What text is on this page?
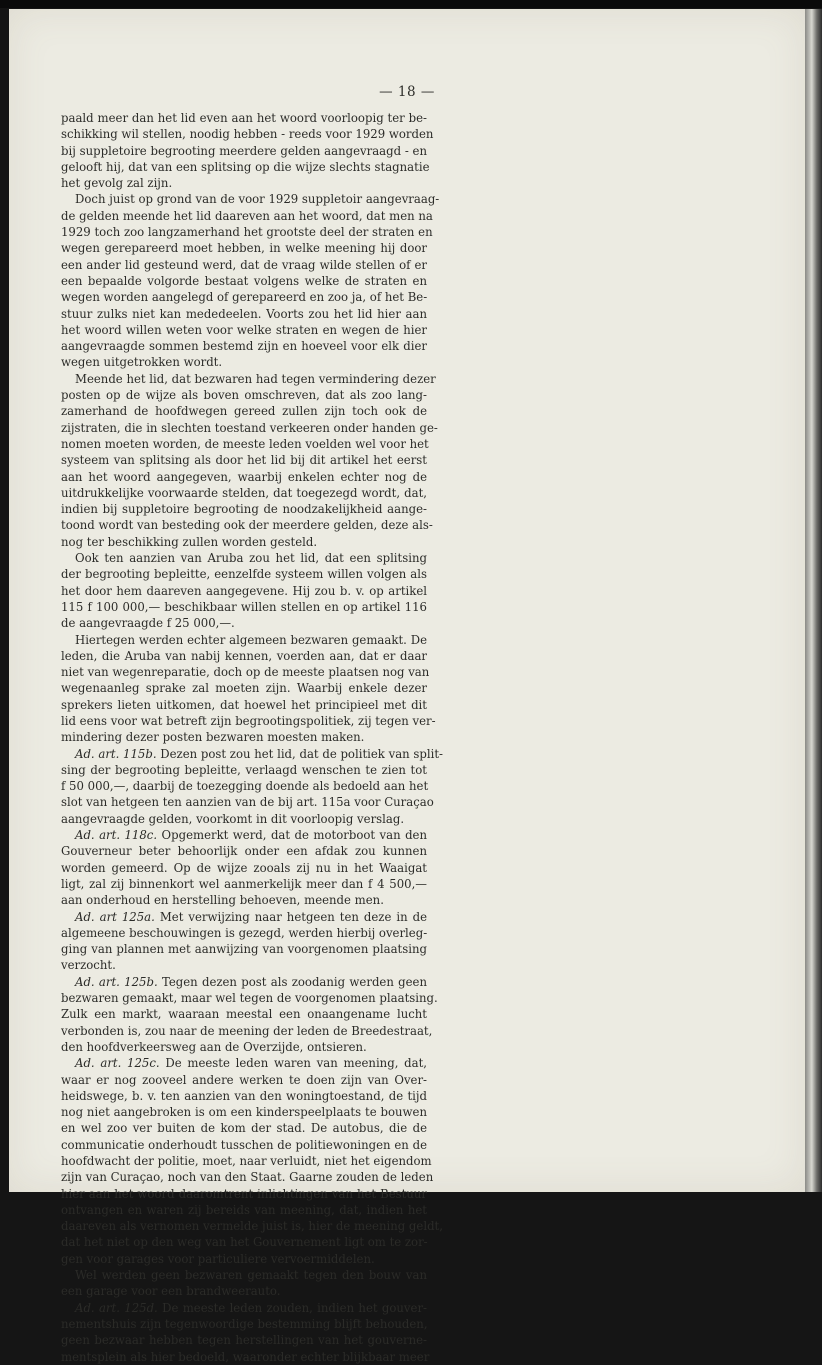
— 18 —
paald meer dan het lid even aan het woord voorloopig ter be-
schikking wil stellen, noodig hebben - reeds voor 1929 worden
bij suppletoire begrooting meerdere gelden aangevraagd - en
gelooft hij, dat van een splitsing op die wijze slechts stagnatie
het gevolg zal zijn.
Doch juist op grond van de voor 1929 suppletoir aangevraag-
de gelden meende het lid daareven aan het woord, dat men na
1929 toch zoo langzamerhand het grootste deel der straten en
wegen gerepareerd moet hebben, in welke meening hij door
een ander lid gesteund werd, dat de vraag wilde stellen of er
een bepaalde volgorde bestaat volgens welke de straten en
wegen worden aangelegd of gerepareerd en zoo ja, of het Be-
stuur zulks niet kan mededeelen. Voorts zou het lid hier aan
het woord willen weten voor welke straten en wegen de hier
aangevraagde sommen bestemd zijn en hoeveel voor elk dier
wegen uitgetrokken wordt.
Meende het lid, dat bezwaren had tegen vermindering dezer
posten op de wijze als boven omschreven, dat als zoo lang-
zamerhand de hoofdwegen gereed zullen zijn toch ook de
zijstraten, die in slechten toestand verkeeren onder handen ge-
nomen moeten worden, de meeste leden voelden wel voor het
systeem van splitsing als door het lid bij dit artikel het eerst
aan het woord aangegeven, waarbij enkelen echter nog de
uitdrukkelijke voorwaarde stelden, dat toegezegd wordt, dat,
indien bij suppletoire begrooting de noodzakelijkheid aange-
toond wordt van besteding ook der meerdere gelden, deze als-
nog ter beschikking zullen worden gesteld.
Ook ten aanzien van Aruba zou het lid, dat een splitsing
der begrooting bepleitte, eenzelfde systeem willen volgen als
het door hem daareven aangegevene. Hij zou b. v. op artikel
115 f 100 000,— beschikbaar willen stellen en op artikel 116
de aangevraagde f 25 000,—.
Hiertegen werden echter algemeen bezwaren gemaakt. De
leden, die Aruba van nabij kennen, voerden aan, dat er daar
niet van wegenreparatie, doch op de meeste plaatsen nog van
wegenaanleg sprake zal moeten zijn. Waarbij enkele dezer
sprekers lieten uitkomen, dat hoewel het principieel met dit
lid eens voor wat betreft zijn begrootingspolitiek, zij tegen ver-
mindering dezer posten bezwaren moesten maken.
Ad. art. 115b. Dezen post zou het lid, dat de politiek van split-
sing der begrooting bepleitte, verlaagd wenschen te zien tot
f 50 000,—, daarbij de toezegging doende als bedoeld aan het
slot van hetgeen ten aanzien van de bij art. 115a voor Curaçao
aangevraagde gelden, voorkomt in dit voorloopig verslag.
Ad. art. 118c. Opgemerkt werd, dat de motorboot van den
Gouverneur beter behoorlijk onder een afdak zou kunnen
worden gemeerd. Op de wijze zooals zij nu in het Waaigat
ligt, zal zij binnenkort wel aanmerkelijk meer dan f 4 500,—
aan onderhoud en herstelling behoeven, meende men.
Ad. art 125a. Met verwijzing naar hetgeen ten deze in de
algemeene beschouwingen is gezegd, werden hierbij overleg-
ging van plannen met aanwijzing van voorgenomen plaatsing
verzocht.
Ad. art. 125b. Tegen dezen post als zoodanig werden geen
bezwaren gemaakt, maar wel tegen de voorgenomen plaatsing.
Zulk een markt, waaraan meestal een onaangename lucht
verbonden is, zou naar de meening der leden de Breedestraat,
den hoofdverkeersweg aan de Overzijde, ontsieren.
Ad. art. 125c. De meeste leden waren van meening, dat,
waar er nog zooveel andere werken te doen zijn van Over-
heidswege, b. v. ten aanzien van den woningtoestand, de tijd
nog niet aangebroken is om een kinderspeelplaats te bouwen
en wel zoo ver buiten de kom der stad. De autobus, die de
communicatie onderhoudt tusschen de politiewoningen en de
hoofdwacht der politie, moet, naar verluidt, niet het eigendom
zijn van Curaçao, noch van den Staat. Gaarne zouden de leden
hier aan het woord daaromtrent inlichtingen van het Bestuur
ontvangen en waren zij bereids van meening, dat, indien het
daareven als vernomen vermelde juist is, hier de meening geldt,
dat het niet op den weg van het Gouvernement ligt om te zor-
gen voor garages voor particuliere vervoermiddelen.
Wel werden geen bezwaren gemaakt tegen den bouw van
een garage voor een brandweerauto.
Ad. art. 125d. De meeste leden zouden, indien het gouver-
nementshuis zijn tegenwoordige bestemming blijft behouden,
geen bezwaar hebben tegen herstellingen van het gouverne-
mentsplein als hier bedoeld, waaronder echter blijkbaar meer
